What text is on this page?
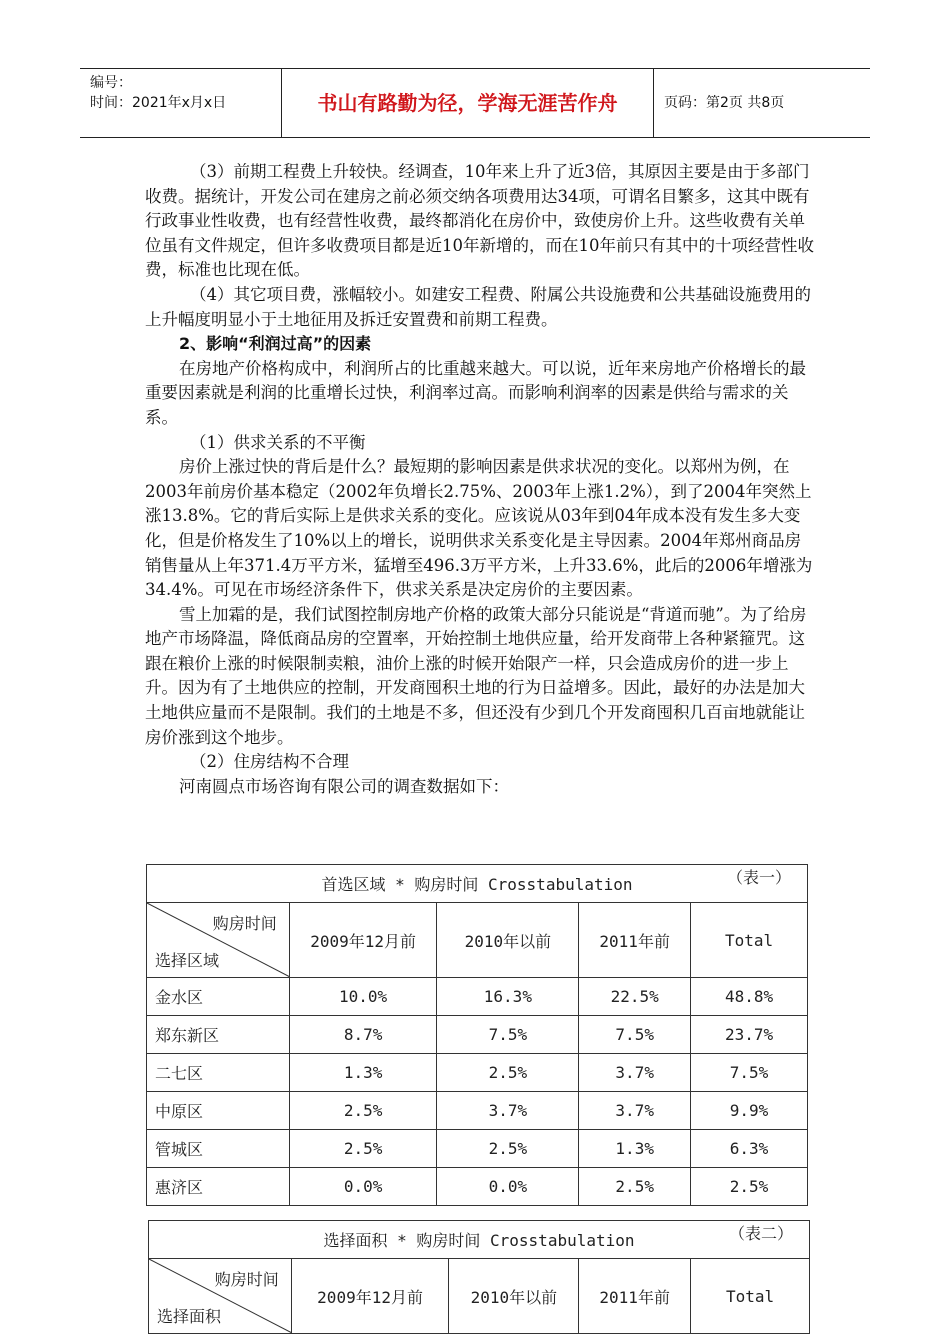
编号：
时间：2021年x月x日	书山有路勤为径，学海无涯苦作舟	页码：第2页 共8页

（3）前期工程费上升较快。经调查，10年来上升了近3倍，其原因主要是由于多部门收费。据统计，开发公司在建房之前必须交纳各项费用达34项，可谓名目繁多，这其中既有行政事业性收费，也有经营性收费，最终都消化在房价中，致使房价上升。这些收费有关单位虽有文件规定，但许多收费项目都是近10年新增的，而在10年前只有其中的十项经营性收费，标准也比现在低。

（4）其它项目费，涨幅较小。如建安工程费、附属公共设施费和公共基础设施费用的上升幅度明显小于土地征用及拆迁安置费和前期工程费。

2、影响“利润过高”的因素

在房地产价格构成中，利润所占的比重越来越大。可以说，近年来房地产价格增长的最重要因素就是利润的比重增长过快，利润率过高。而影响利润率的因素是供给与需求的关系。

（1）供求关系的不平衡

房价上涨过快的背后是什么？最短期的影响因素是供求状况的变化。以郑州为例，在2003年前房价基本稳定（2002年负增长2.75%、2003年上涨1.2%），到了2004年突然上涨13.8%。它的背后实际上是供求关系的变化。应该说从03年到04年成本没有发生多大变化，但是价格发生了10%以上的增长，说明供求关系变化是主导因素。2004年郑州商品房销售量从上年371.4万平方米，猛增至496.3万平方米，上升33.6%，此后的2006年增涨为34.4%。可见在市场经济条件下，供求关系是决定房价的主要因素。

雪上加霜的是，我们试图控制房地产价格的政策大部分只能说是“背道而驰”。为了给房地产市场降温，降低商品房的空置率，开始控制土地供应量，给开发商带上各种紧箍咒。这跟在粮价上涨的时候限制卖粮，油价上涨的时候开始限产一样，只会造成房价的进一步上升。因为有了土地供应的控制，开发商囤积土地的行为日益增多。因此，最好的办法是加大土地供应量而不是限制。我们的土地是不多，但还没有少到几个开发商囤积几百亩地就能让房价涨到这个地步。

（2）住房结构不合理

河南圆点市场咨询有限公司的调查数据如下：

首选区域 * 购房时间 Crosstabulation （表一）				

购房时间
选择区域	2009年12月前	2010年以前	2011年前	Total
金水区	10.0%	16.3%	22.5%	48.8%
郑东新区	8.7%	7.5%	7.5%	23.7%
二七区	1.3%	2.5%	3.7%	7.5%
中原区	2.5%	3.7%	3.7%	9.9%
管城区	2.5%	2.5%	1.3%	6.3%
惠济区	0.0%	0.0%	2.5%	2.5%
选择面积 * 购房时间 Crosstabulation	（表二）

购房时间
选择面积
	2009年12月前	2010年以前	2011年前	Total
